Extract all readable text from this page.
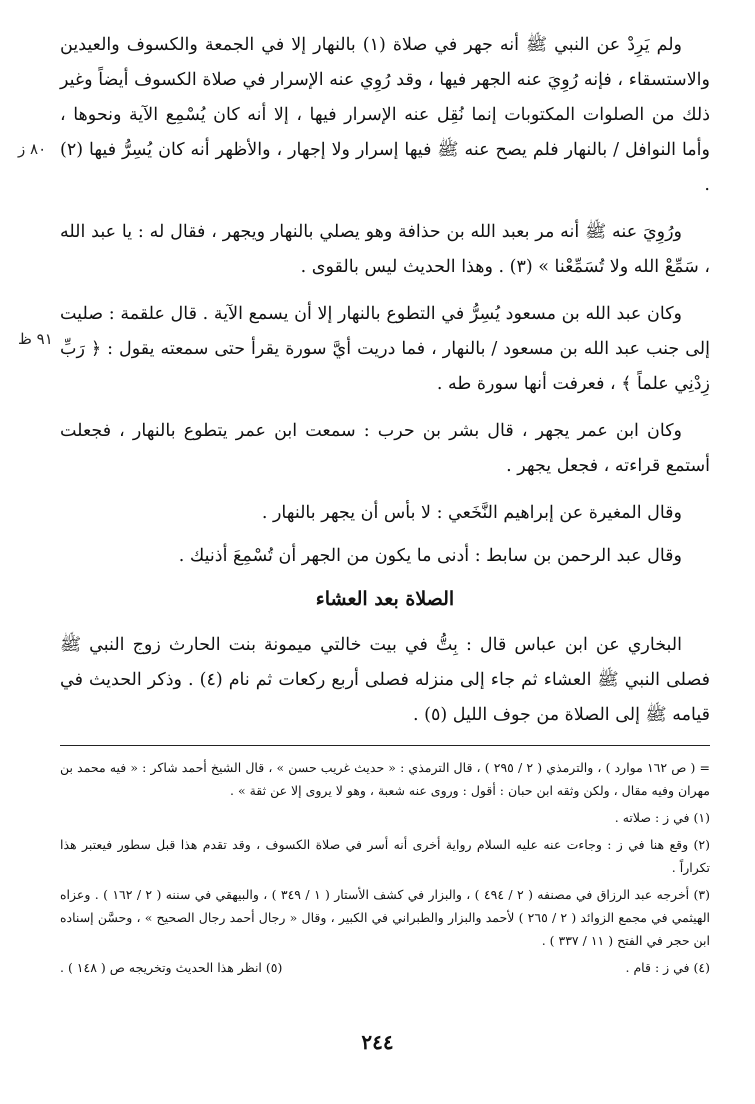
ولم يَرِدْ عن النبي ﷺ أنه جهر في صلاة (١) بالنهار إلا في الجمعة والكسوف والعيدين والاستسقاء ، فإنه رُوِيَ عنه الجهر فيها ، وقد رُوِي عنه الإسرار في صلاة الكسوف أيضاً وغير ذلك من الصلوات المكتوبات إنما نُقِل عنه الإسرار فيها ، إلا أنه كان يُسْمِع الآية ونحوها ، وأما النوافل / بالنهار فلم يصح عنه ﷺ فيها إسرار ولا إجهار ، والأظهر أنه كان يُسِرُّ فيها (٢) .

ورُوِيَ عنه ﷺ أنه مر بعبد الله بن حذافة وهو يصلي بالنهار ويجهر ، فقال له : يا عبد الله ، سَمِّعْ الله ولا تُسَمِّعْنا » (٣) . وهذا الحديث ليس بالقوى .

وكان عبد الله بن مسعود يُسِرُّ في التطوع بالنهار إلا أن يسمع الآية . قال علقمة : صليت إلى جنب عبد الله بن مسعود / بالنهار ، فما دريت أيَّ سورة يقرأ حتى سمعته يقول : ﴿ رَبِّ زِدْنِي علماً ﴾ ، فعرفت أنها سورة طه .

وكان ابن عمر يجهر ، قال بشر بن حرب : سمعت ابن عمر يتطوع بالنهار ، فجعلت أستمع قراءته ، فجعل يجهر .

وقال المغيرة عن إبراهيم النَّخَعي : لا بأس أن يجهر بالنهار .

وقال عبد الرحمن بن سابط : أدنى ما يكون من الجهر أن تُسْمِعَ أذنيك .

الصلاة بعد العشاء

البخاري عن ابن عباس قال : بِتُّ في بيت خالتي ميمونة بنت الحارث زوج النبي ﷺ فصلى النبي ﷺ العشاء ثم جاء إلى منزله فصلى أربع ركعات ثم نام (٤) . وذكر الحديث في قيامه ﷺ إلى الصلاة من جوف الليل (٥) .

= ( ص ١٦٢ موارد ) ، والترمذي ( ٢ / ٢٩٥ ) ، قال الترمذي : « حديث غريب حسن » ، قال الشيخ أحمد شاكر : « فيه محمد بن مهران وفيه مقال ، ولكن وثقه ابن حبان : أقول : وروى عنه شعبة ، وهو لا يروى إلا عن ثقة » .

(١) في ز : صلاته .

(٢) وقع هنا في ز : وجاءت عنه عليه السلام رواية أخرى أنه أسر في صلاة الكسوف ، وقد تقدم هذا قبل سطور فيعتبر هذا تكراراً .

(٣) أخرجه عبد الرزاق في مصنفه ( ٢ / ٤٩٤ ) ، والبزار في كشف الأستار ( ١ / ٣٤٩ ) ، والبيهقي في سننه ( ٢ / ١٦٢ ) . وعزاه الهيثمي في مجمع الزوائد ( ٢ / ٢٦٥ ) لأحمد والبزار والطبراني في الكبير ، وقال « رجال أحمد رجال الصحيح » ، وحسَّن إسناده ابن حجر في الفتح ( ١١ / ٣٣٧ ) .

(٤) في ز : قام .
(٥) انظر هذا الحديث وتخريجه ص ( ١٤٨ ) .
٨٠ ز
٩١ ظ
٢٤٤
